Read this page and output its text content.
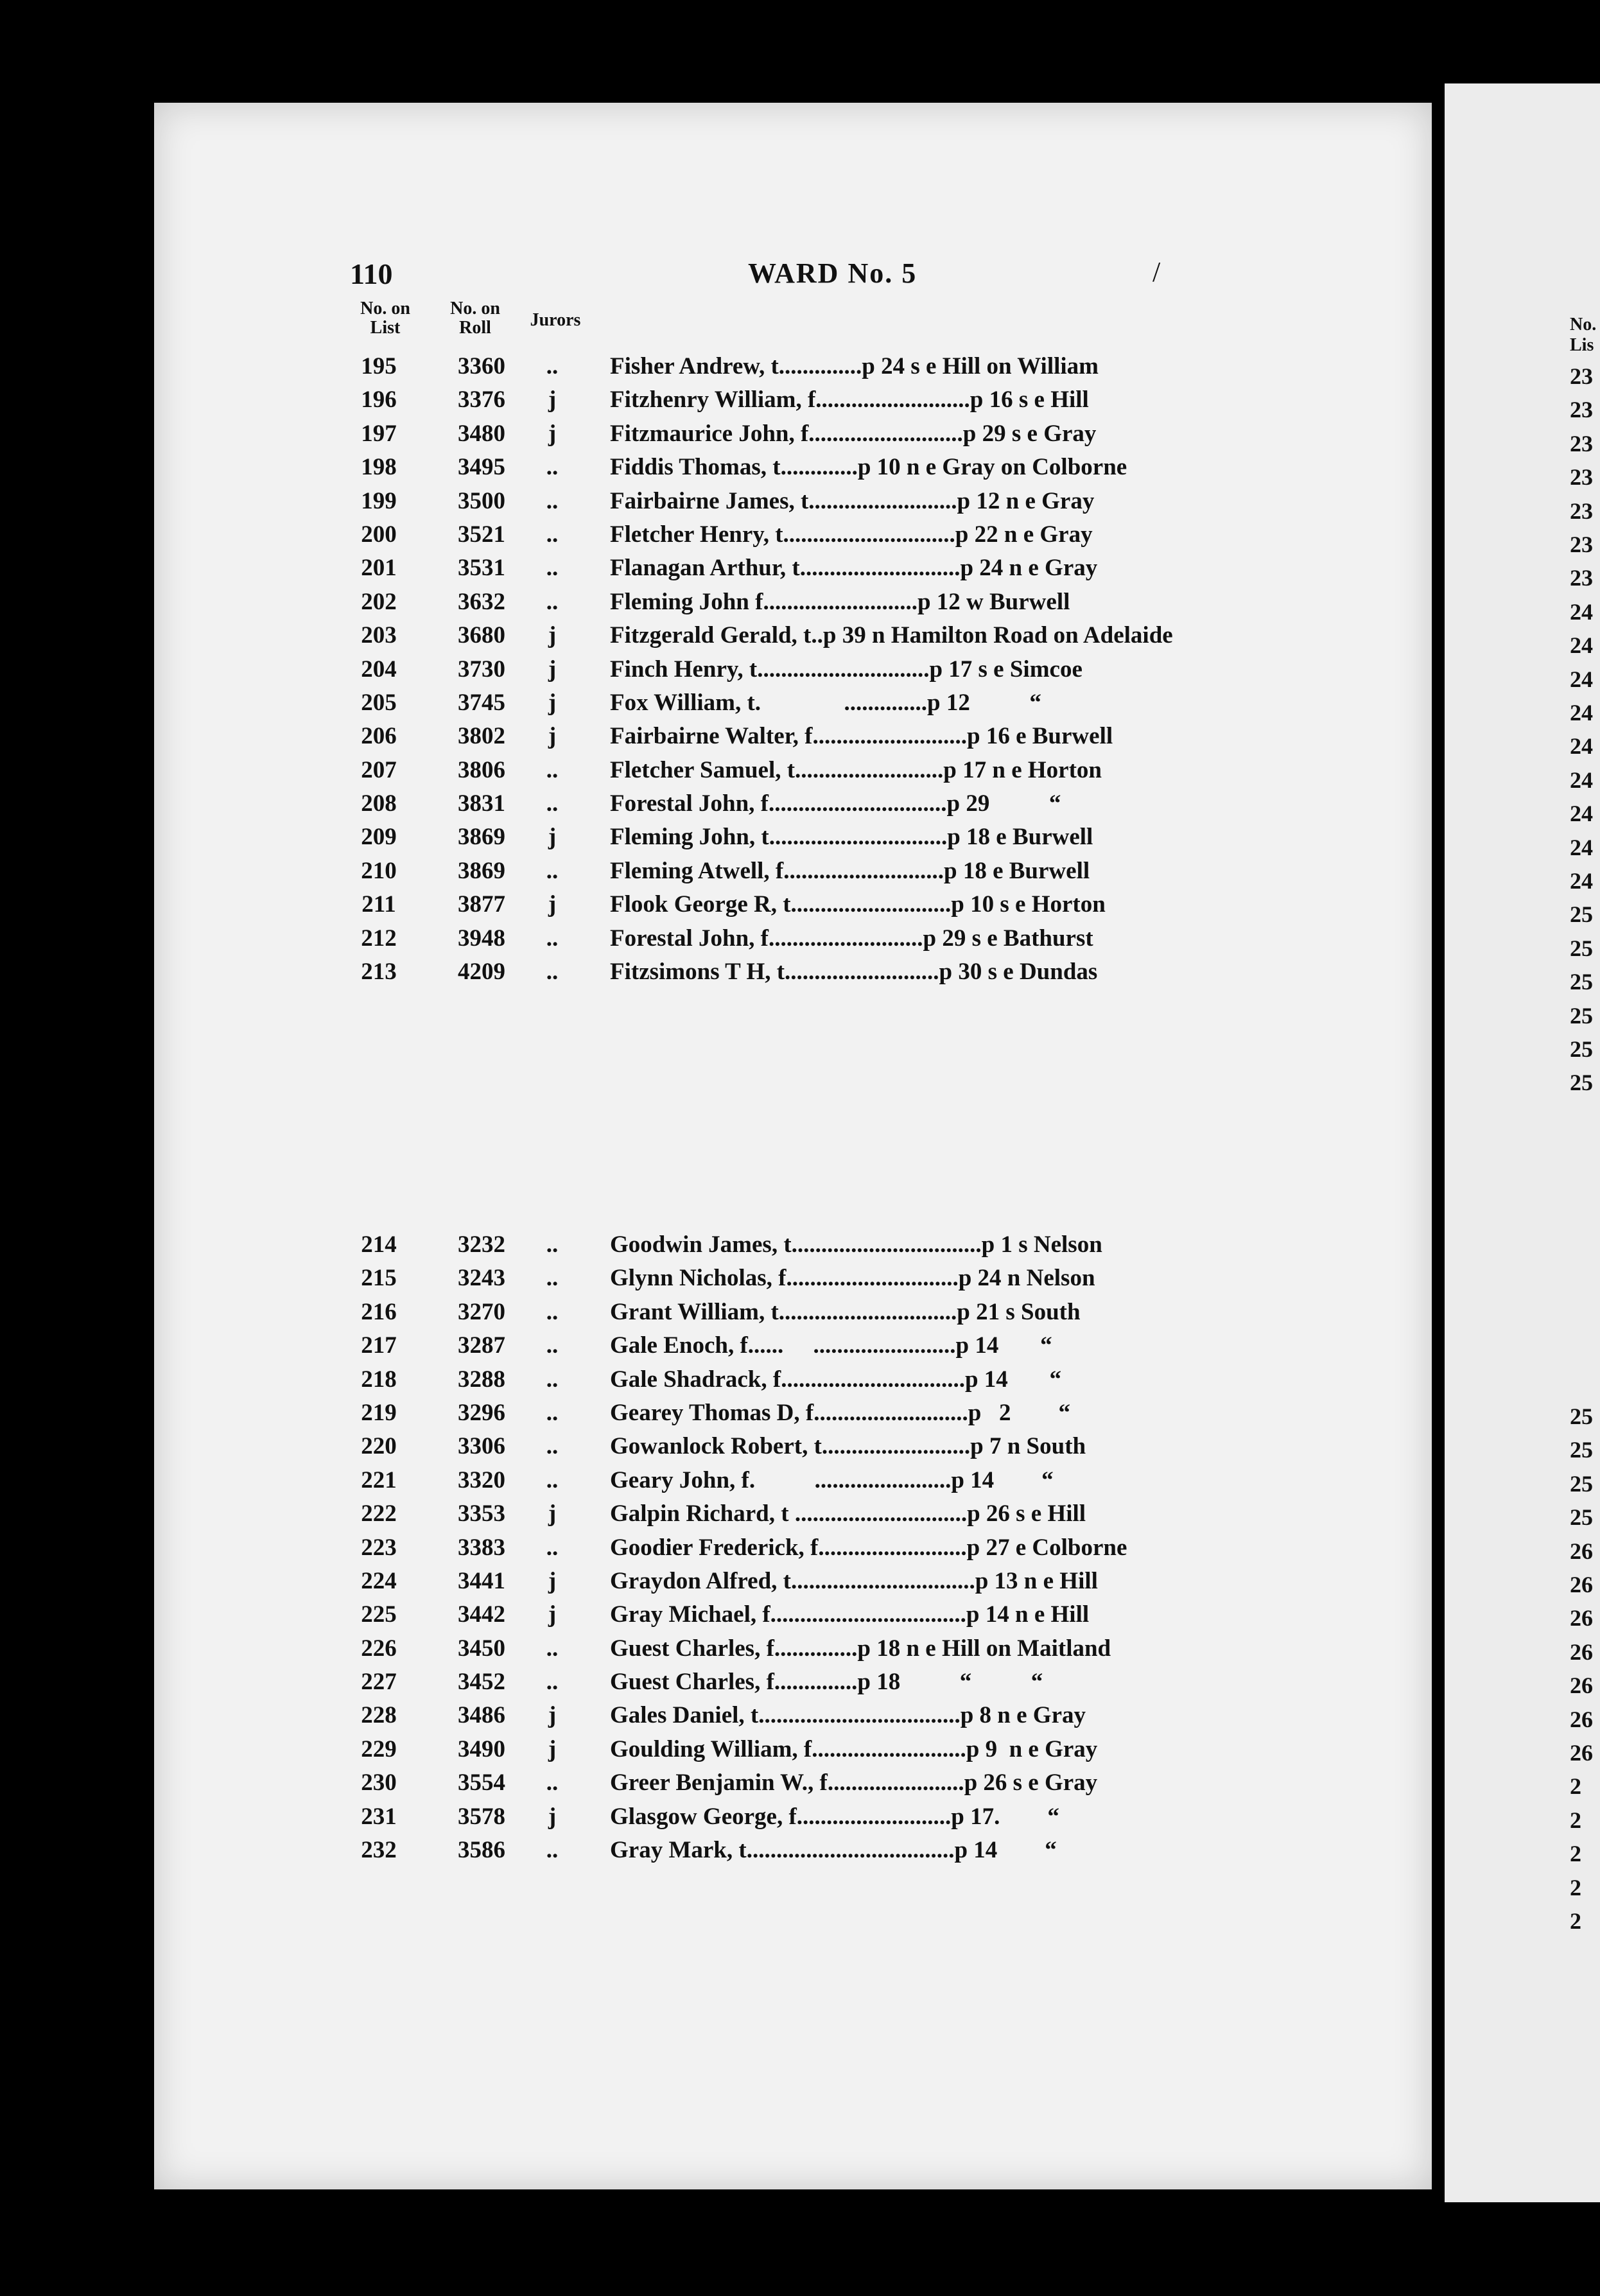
110	WARD No. 5	/
No. on List
No. on Roll	Jurors
195	3360	..	Fisher Andrew, t..............p 24 s e Hill on William
196	3376	j	Fitzhenry William, f..........................p 16 s e Hill
197	3480	j	Fitzmaurice John, f..........................p 29 s e Gray
198	3495	..	Fiddis Thomas, t.............p 10 n e Gray on Colborne
199	3500	..	Fairbairne James, t.........................p 12 n e Gray
200	3521	..	Fletcher Henry, t.............................p 22 n e Gray
201	3531	..	Flanagan Arthur, t...........................p 24 n e Gray
202	3632	..	Fleming John f..........................p 12 w Burwell
203	3680	j	Fitzgerald Gerald, t..p 39 n Hamilton Road on Adelaide
204	3730	j	Finch Henry, t.............................p 17 s e Simcoe
205	3745	j	Fox William, t.              ..............p 12          “
206	3802	j	Fairbairne Walter, f..........................p 16 e Burwell
207	3806	..	Fletcher Samuel, t.........................p 17 n e Horton
208	3831	..	Forestal John, f..............................p 29          “
209	3869	j	Fleming John, t..............................p 18 e Burwell
210	3869	..	Fleming Atwell, f...........................p 18 e Burwell
211	3877	j	Flook George R, t...........................p 10 s e Horton
212	3948	..	Forestal John, f..........................p 29 s e Bathurst
213	4209	..	Fitzsimons T H, t..........................p 30 s e Dundas
214	3232	..	Goodwin James, t................................p 1 s Nelson
215	3243	..	Glynn Nicholas, f.............................p 24 n Nelson
216	3270	..	Grant William, t..............................p 21 s South
217	3287	..	Gale Enoch, f......     ........................p 14       “
218	3288	..	Gale Shadrack, f...............................p 14       “
219	3296	..	Gearey Thomas D, f..........................p   2        “
220	3306	..	Gowanlock Robert, t.........................p 7 n South
221	3320	..	Geary John, f.          .......................p 14        “
222	3353	j	Galpin Richard, t .............................p 26 s e Hill
223	3383	..	Goodier Frederick, f.........................p 27 e Colborne
224	3441	j	Graydon Alfred, t...............................p 13 n e Hill
225	3442	j	Gray Michael, f.................................p 14 n e Hill
226	3450	..	Guest Charles, f..............p 18 n e Hill on Maitland
227	3452	..	Guest Charles, f..............p 18          “          “
228	3486	j	Gales Daniel, t..................................p 8 n e Gray
229	3490	j	Goulding William, f..........................p 9  n e Gray
230	3554	..	Greer Benjamin W., f.......................p 26 s e Gray
231	3578	j	Glasgow George, f..........................p 17.        “
232	3586	..	Gray Mark, t...................................p 14        “
No. Lis
23
23
23
23
23
23
23
24
24
24
24
24
24
24
24
24
25
25
25
25
25
25
25
25
25
25
26
26
26
26
26
26
26
2
2
2
2
2
